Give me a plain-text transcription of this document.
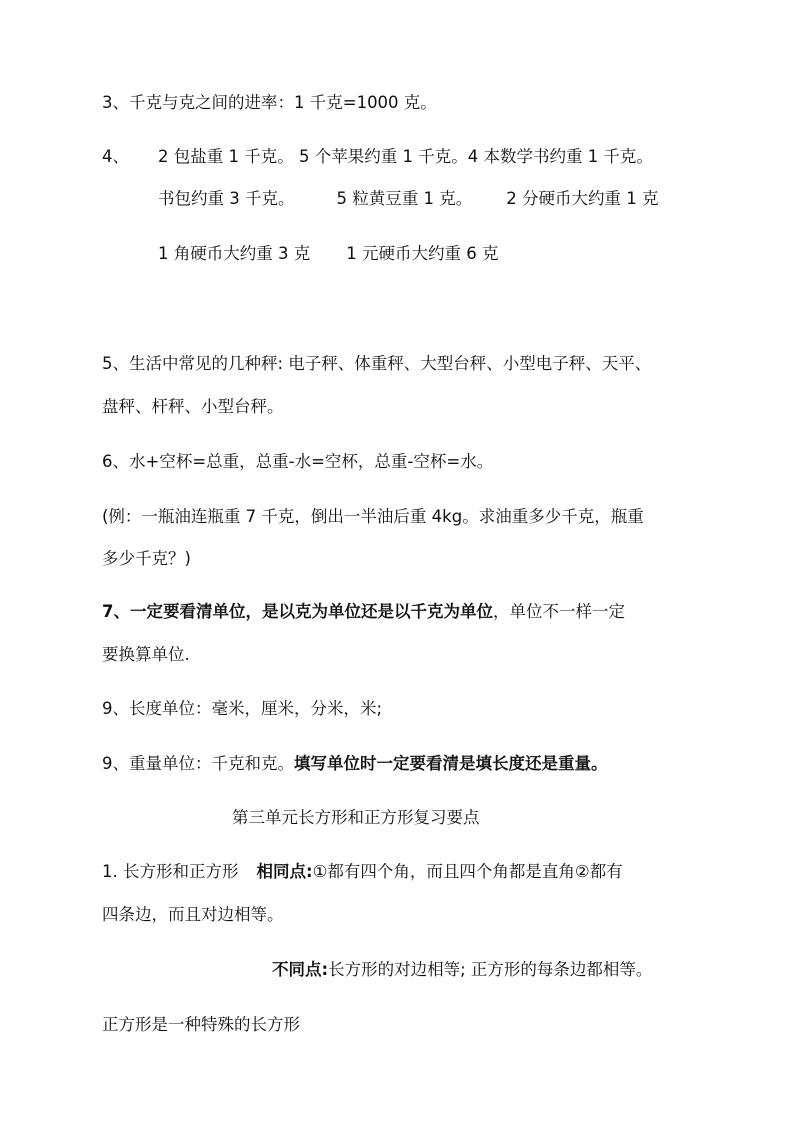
3、千克与克之间的进率：1 千克=1000 克。

4、 2 包盐重 1 千克。 5 个苹果约重 1 千克。4 本数学书约重 1 千克。

书包约重 3 千克。	5 粒黄豆重 1 克。 2 分硬币大约重 1 克

1 角硬币大约重 3 克 1 元硬币大约重 6 克

5、生活中常见的几种秤: 电子秤、体重秤、大型台秤、小型电子秤、天平、

盘秤、杆秤、小型台秤。

6、水+空杯=总重，总重-水=空杯，总重-空杯=水。

(例：一瓶油连瓶重 7 千克，倒出一半油后重 4kg。求油重多少千克，瓶重

多少千克？)

7、一定要看清单位，是以克为单位还是以千克为单位，单位不一样一定

要换算单位.

9、长度单位：毫米，厘米，分米，米;

9、重量单位：千克和克。填写单位时一定要看清是填长度还是重量。

第三单元长方形和正方形复习要点

1. 长方形和正方形 相同点:①都有四个角，而且四个角都是直角②都有

四条边，而且对边相等。

不同点:长方形的对边相等; 正方形的每条边都相等。

正方形是一种特殊的长方形
